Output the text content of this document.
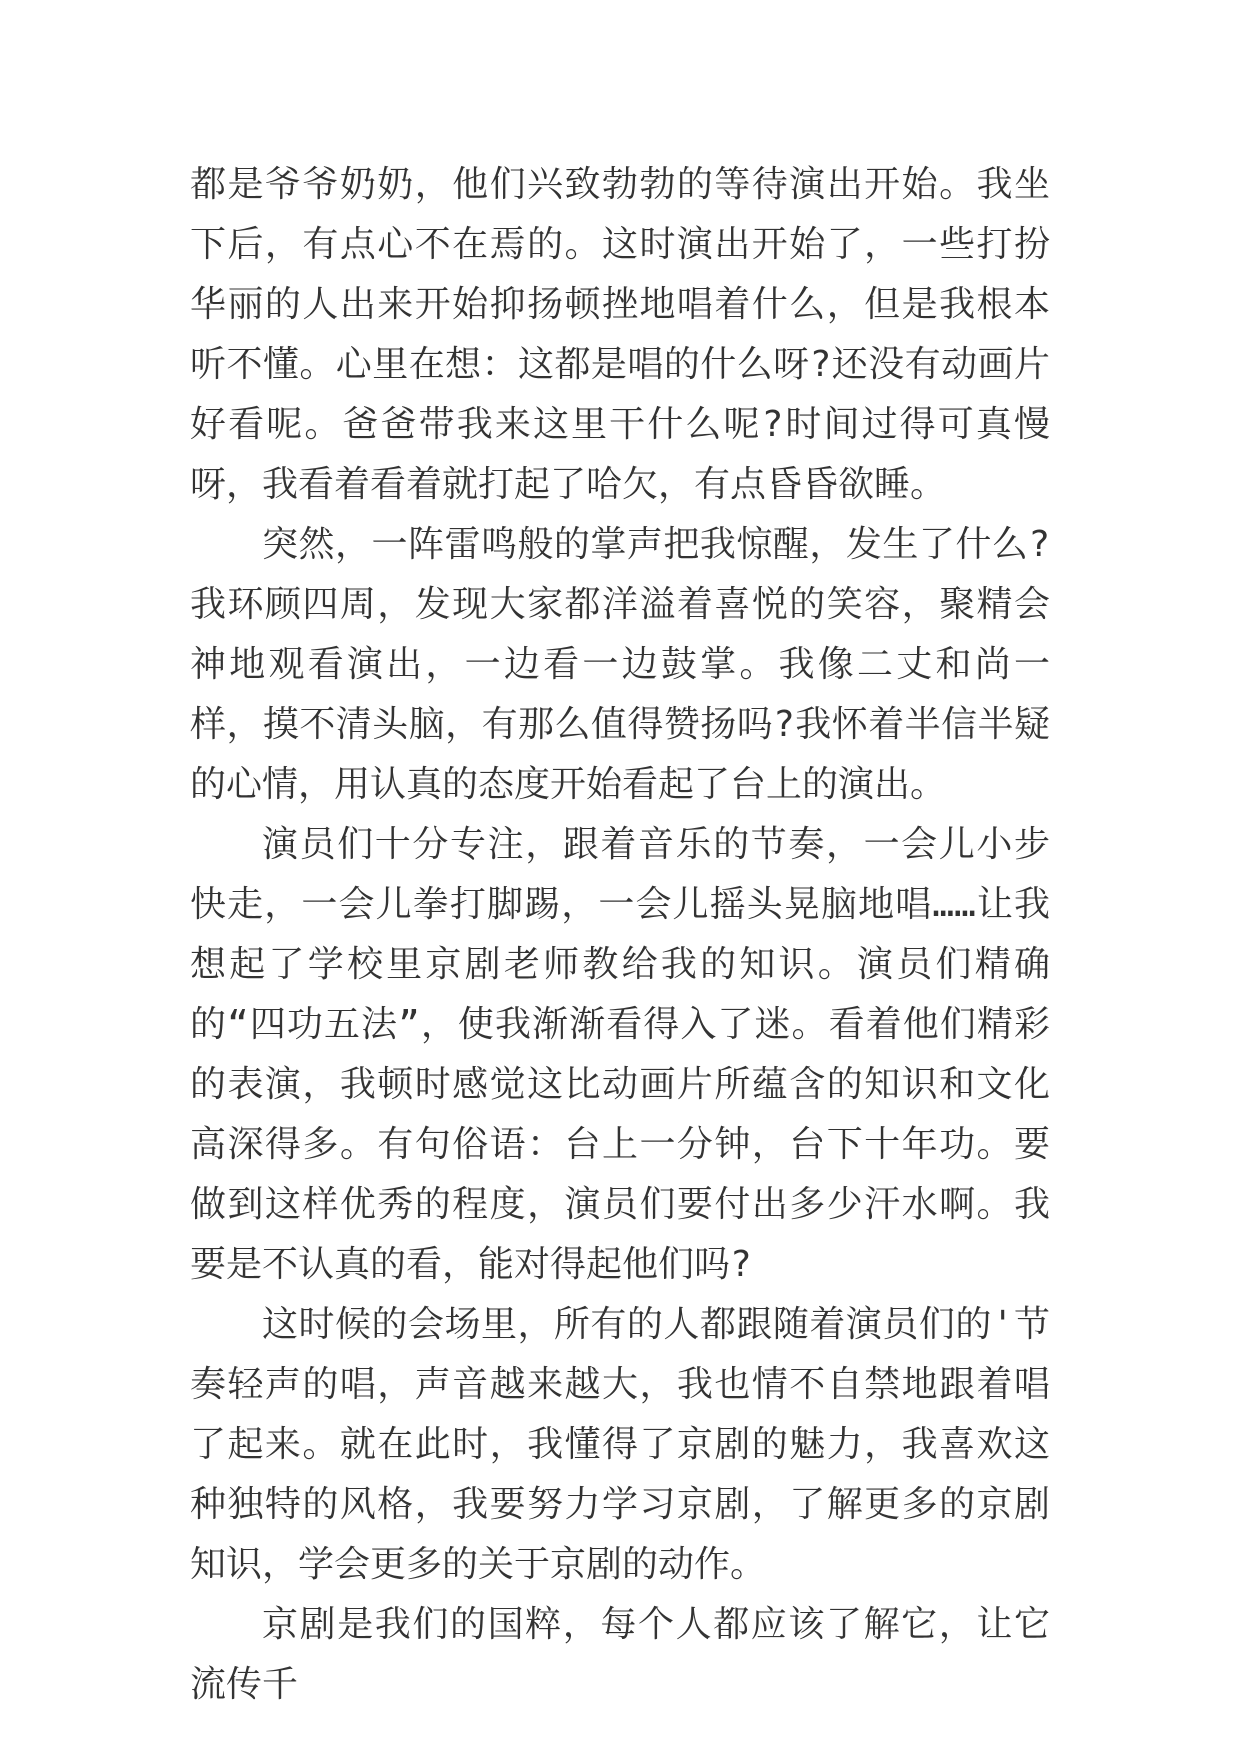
都是爷爷奶奶，他们兴致勃勃的等待演出开始。我坐下后，有点心不在焉的。这时演出开始了，一些打扮华丽的人出来开始抑扬顿挫地唱着什么，但是我根本听不懂。心里在想：这都是唱的什么呀?还没有动画片好看呢。爸爸带我来这里干什么呢?时间过得可真慢呀，我看着看着就打起了哈欠，有点昏昏欲睡。

突然，一阵雷鸣般的掌声把我惊醒，发生了什么?我环顾四周，发现大家都洋溢着喜悦的笑容，聚精会神地观看演出，一边看一边鼓掌。我像二丈和尚一样，摸不清头脑，有那么值得赞扬吗?我怀着半信半疑的心情，用认真的态度开始看起了台上的演出。

演员们十分专注，跟着音乐的节奏，一会儿小步快走，一会儿拳打脚踢，一会儿摇头晃脑地唱……让我想起了学校里京剧老师教给我的知识。演员们精确的“四功五法”，使我渐渐看得入了迷。看着他们精彩的表演，我顿时感觉这比动画片所蕴含的知识和文化高深得多。有句俗语：台上一分钟，台下十年功。要做到这样优秀的程度，演员们要付出多少汗水啊。我要是不认真的看，能对得起他们吗?

这时候的会场里，所有的人都跟随着演员们的'节奏轻声的唱，声音越来越大，我也情不自禁地跟着唱了起来。就在此时，我懂得了京剧的魅力，我喜欢这种独特的风格，我要努力学习京剧，了解更多的京剧知识，学会更多的关于京剧的动作。

京剧是我们的国粹，每个人都应该了解它，让它流传千
